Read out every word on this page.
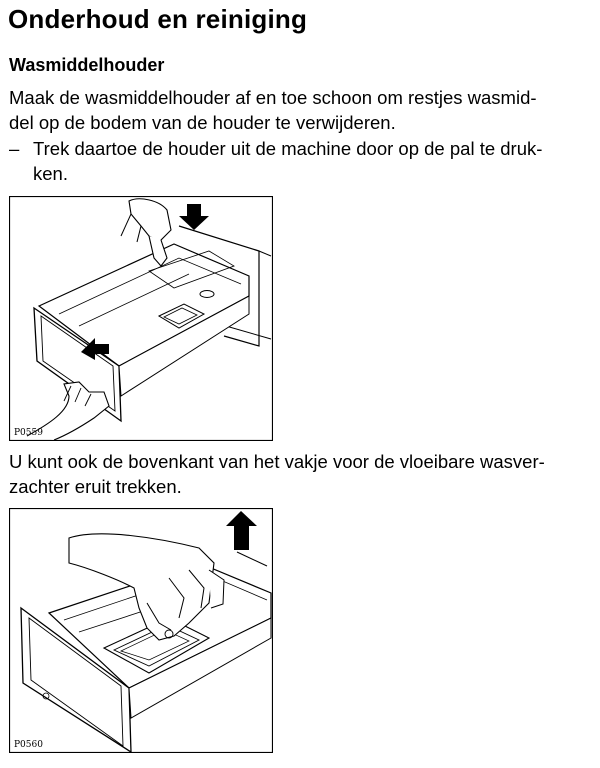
Onderhoud en reiniging
Wasmiddelhouder
Maak de wasmiddelhouder af en toe schoon om restjes wasmid-
del op de bodem van de houder te verwijderen.
– Trek daartoe de houder uit de machine door op de pal te druk-
ken.
P0559
U kunt ook de bovenkant van het vakje voor de vloeibare wasver-
zachter eruit trekken.
P0560
